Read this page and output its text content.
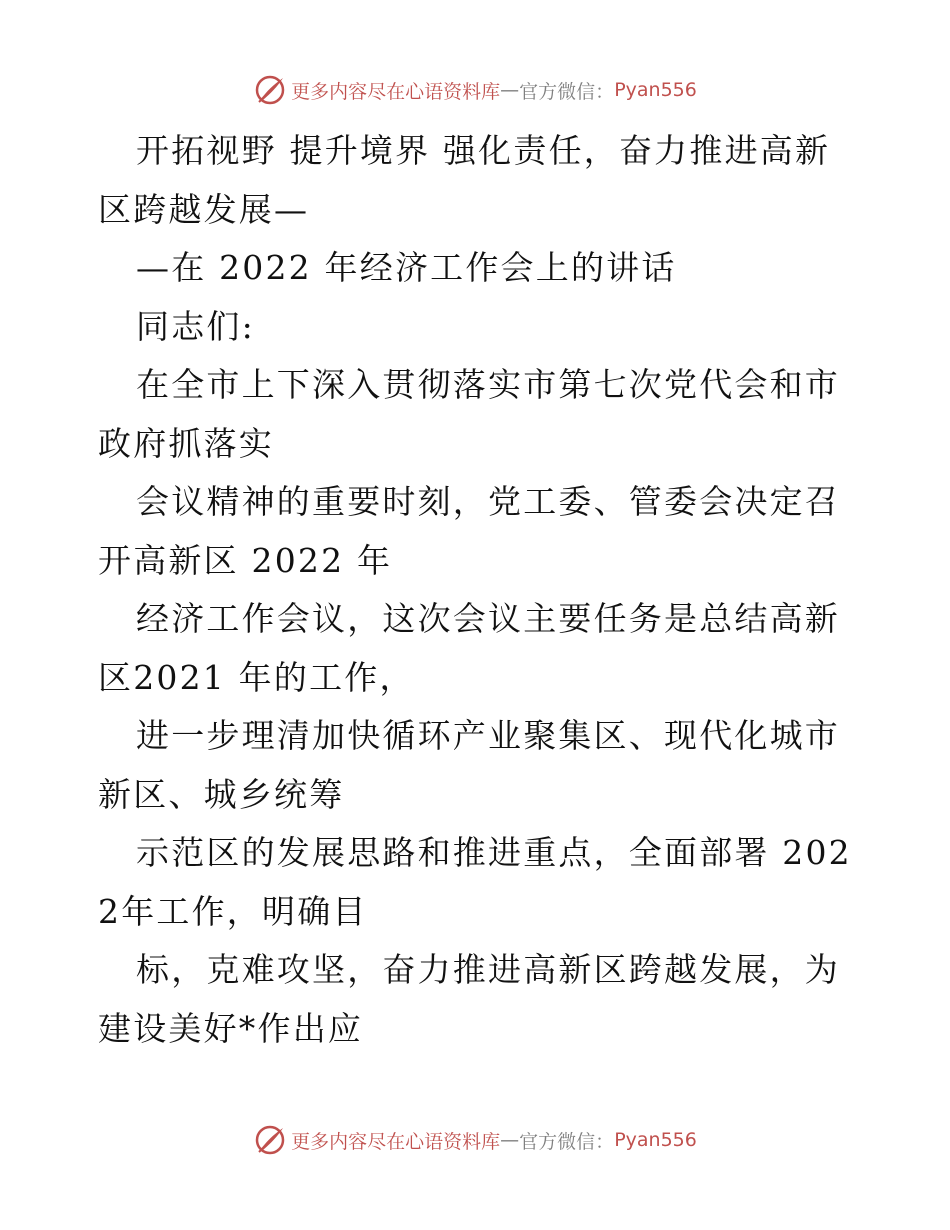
更多内容尽在心语资料库 — 官方微信： Pyan556

开拓视野 提升境界 强化责任，奋力推进高新区跨越发展—

—在 2022 年经济工作会上的讲话

同志们:

在全市上下深入贯彻落实市第七次党代会和市政府抓落实

会议精神的重要时刻，党工委、管委会决定召开高新区 2022 年

经济工作会议，这次会议主要任务是总结高新区2021 年的工作，

进一步理清加快循环产业聚集区、现代化城市新区、城乡统筹

示范区的发展思路和推进重点，全面部署 2022年工作，明确目

标，克难攻坚，奋力推进高新区跨越发展，为建设美好*作出应

更多内容尽在心语资料库 — 官方微信： Pyan556
